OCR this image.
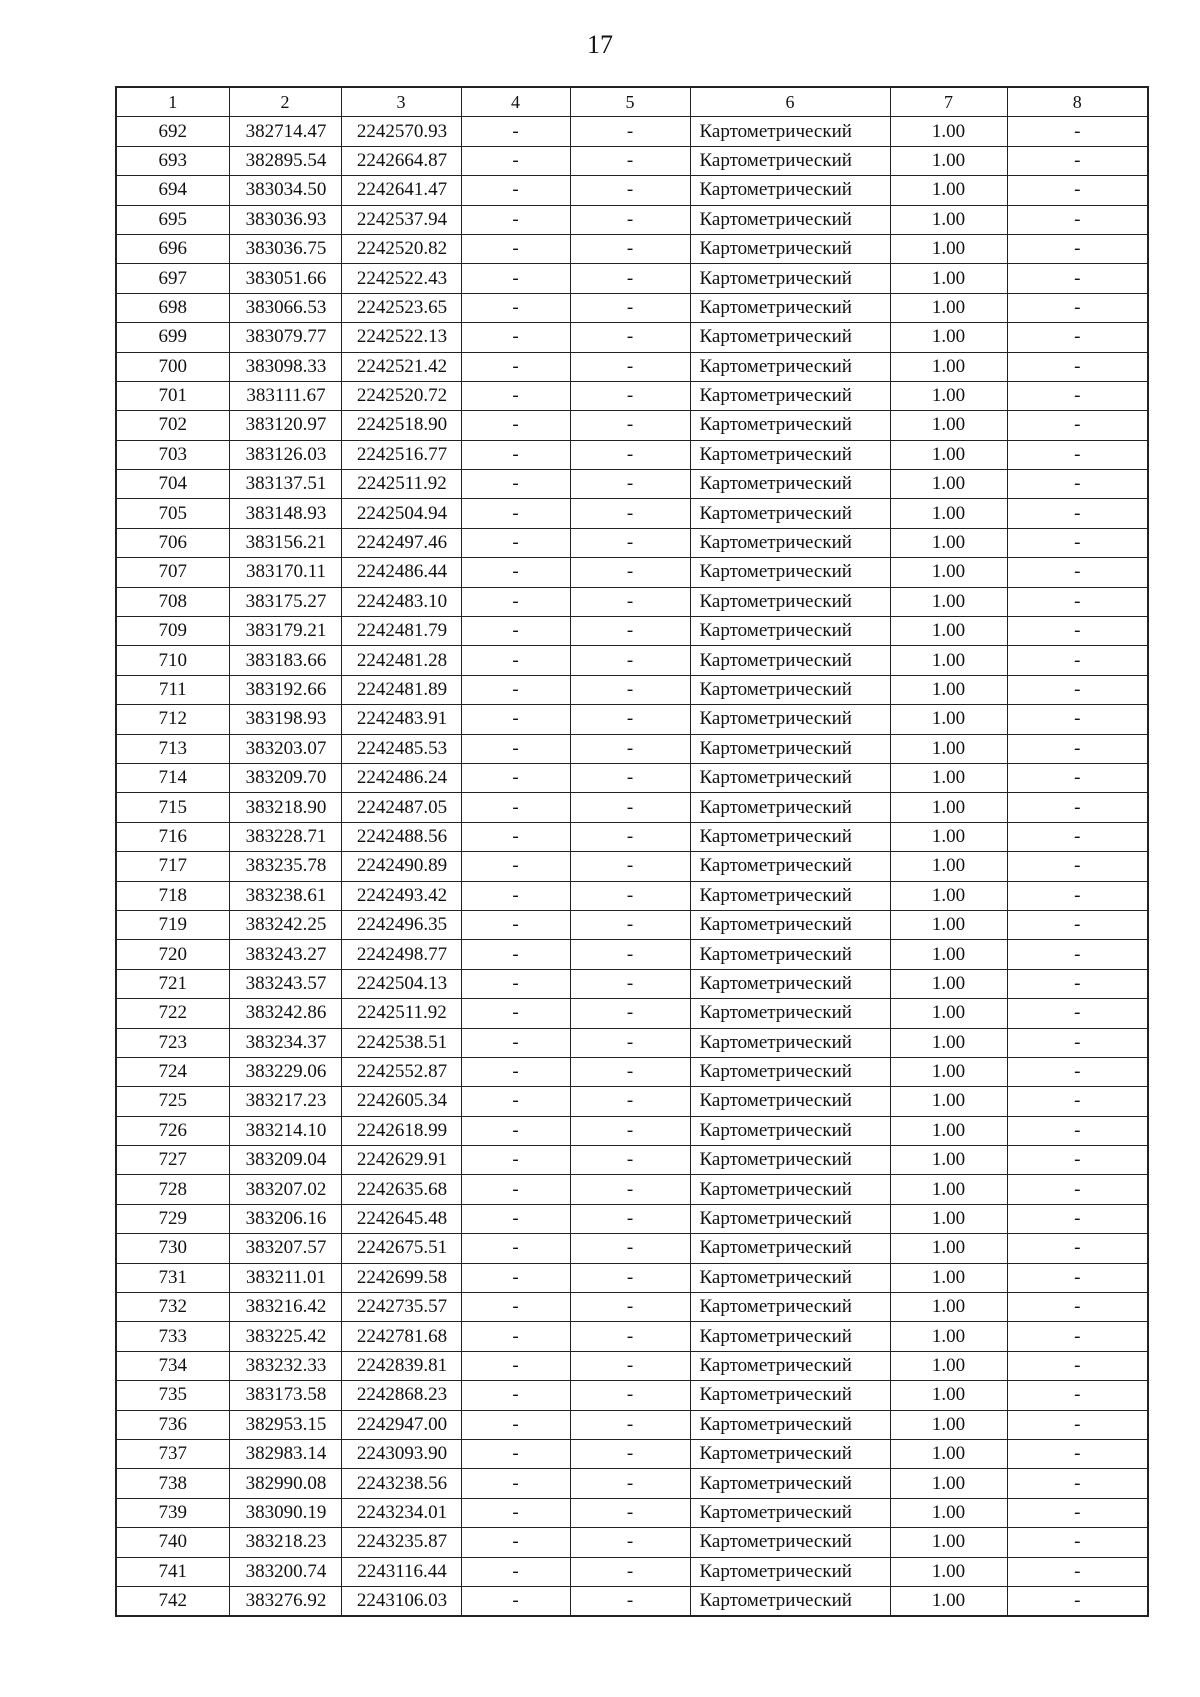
17
1	2	3	4	5	6	7	8
692	382714.47	2242570.93	-	-	Картометрический	1.00	-
693	382895.54	2242664.87	-	-	Картометрический	1.00	-
694	383034.50	2242641.47	-	-	Картометрический	1.00	-
695	383036.93	2242537.94	-	-	Картометрический	1.00	-
696	383036.75	2242520.82	-	-	Картометрический	1.00	-
697	383051.66	2242522.43	-	-	Картометрический	1.00	-
698	383066.53	2242523.65	-	-	Картометрический	1.00	-
699	383079.77	2242522.13	-	-	Картометрический	1.00	-
700	383098.33	2242521.42	-	-	Картометрический	1.00	-
701	383111.67	2242520.72	-	-	Картометрический	1.00	-
702	383120.97	2242518.90	-	-	Картометрический	1.00	-
703	383126.03	2242516.77	-	-	Картометрический	1.00	-
704	383137.51	2242511.92	-	-	Картометрический	1.00	-
705	383148.93	2242504.94	-	-	Картометрический	1.00	-
706	383156.21	2242497.46	-	-	Картометрический	1.00	-
707	383170.11	2242486.44	-	-	Картометрический	1.00	-
708	383175.27	2242483.10	-	-	Картометрический	1.00	-
709	383179.21	2242481.79	-	-	Картометрический	1.00	-
710	383183.66	2242481.28	-	-	Картометрический	1.00	-
711	383192.66	2242481.89	-	-	Картометрический	1.00	-
712	383198.93	2242483.91	-	-	Картометрический	1.00	-
713	383203.07	2242485.53	-	-	Картометрический	1.00	-
714	383209.70	2242486.24	-	-	Картометрический	1.00	-
715	383218.90	2242487.05	-	-	Картометрический	1.00	-
716	383228.71	2242488.56	-	-	Картометрический	1.00	-
717	383235.78	2242490.89	-	-	Картометрический	1.00	-
718	383238.61	2242493.42	-	-	Картометрический	1.00	-
719	383242.25	2242496.35	-	-	Картометрический	1.00	-
720	383243.27	2242498.77	-	-	Картометрический	1.00	-
721	383243.57	2242504.13	-	-	Картометрический	1.00	-
722	383242.86	2242511.92	-	-	Картометрический	1.00	-
723	383234.37	2242538.51	-	-	Картометрический	1.00	-
724	383229.06	2242552.87	-	-	Картометрический	1.00	-
725	383217.23	2242605.34	-	-	Картометрический	1.00	-
726	383214.10	2242618.99	-	-	Картометрический	1.00	-
727	383209.04	2242629.91	-	-	Картометрический	1.00	-
728	383207.02	2242635.68	-	-	Картометрический	1.00	-
729	383206.16	2242645.48	-	-	Картометрический	1.00	-
730	383207.57	2242675.51	-	-	Картометрический	1.00	-
731	383211.01	2242699.58	-	-	Картометрический	1.00	-
732	383216.42	2242735.57	-	-	Картометрический	1.00	-
733	383225.42	2242781.68	-	-	Картометрический	1.00	-
734	383232.33	2242839.81	-	-	Картометрический	1.00	-
735	383173.58	2242868.23	-	-	Картометрический	1.00	-
736	382953.15	2242947.00	-	-	Картометрический	1.00	-
737	382983.14	2243093.90	-	-	Картометрический	1.00	-
738	382990.08	2243238.56	-	-	Картометрический	1.00	-
739	383090.19	2243234.01	-	-	Картометрический	1.00	-
740	383218.23	2243235.87	-	-	Картометрический	1.00	-
741	383200.74	2243116.44	-	-	Картометрический	1.00	-
742	383276.92	2243106.03	-	-	Картометрический	1.00	-
